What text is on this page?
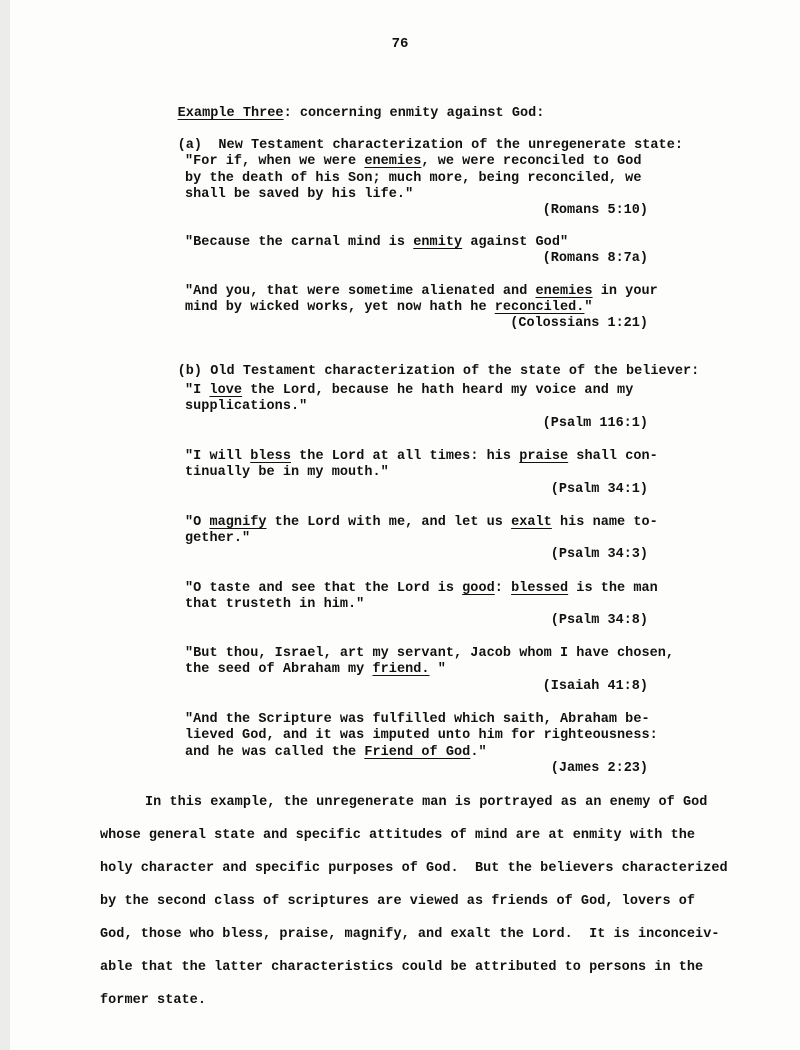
76

Example Three: concerning enmity against God:

(a) New Testament characterization of the unregenerate state:

"For if, when we were enemies, we were reconciled to God
by the death of his Son; much more, being reconciled, we
shall be saved by his life."
(Romans 5:10)
"Because the carnal mind is enmity against God"
(Romans 8:7a)
"And you, that were sometime alienated and enemies in your
mind by wicked works, yet now hath he reconciled."
(Colossians 1:21)

(b) Old Testament characterization of the state of the believer:

"I love the Lord, because he hath heard my voice and my
supplications."
(Psalm 116:1)
"I will bless the Lord at all times: his praise shall con-
tinually be in my mouth."
(Psalm 34:1)
"O magnify the Lord with me, and let us exalt his name to-
gether."
(Psalm 34:3)
"O taste and see that the Lord is good: blessed is the man
that trusteth in him."
(Psalm 34:8)
"But thou, Israel, art my servant, Jacob whom I have chosen,
the seed of Abraham my friend. "
(Isaiah 41:8)
"And the Scripture was fulfilled which saith, Abraham be-
lieved God, and it was imputed unto him for righteousness:
and he was called the Friend of God."
(James 2:23)
In this example, the unregenerate man is portrayed as an enemy of God
whose general state and specific attitudes of mind are at enmity with the
holy character and specific purposes of God.  But the believers characterized
by the second class of scriptures are viewed as friends of God, lovers of
God, those who bless, praise, magnify, and exalt the Lord.  It is inconceiv-
able that the latter characteristics could be attributed to persons in the
former state.
